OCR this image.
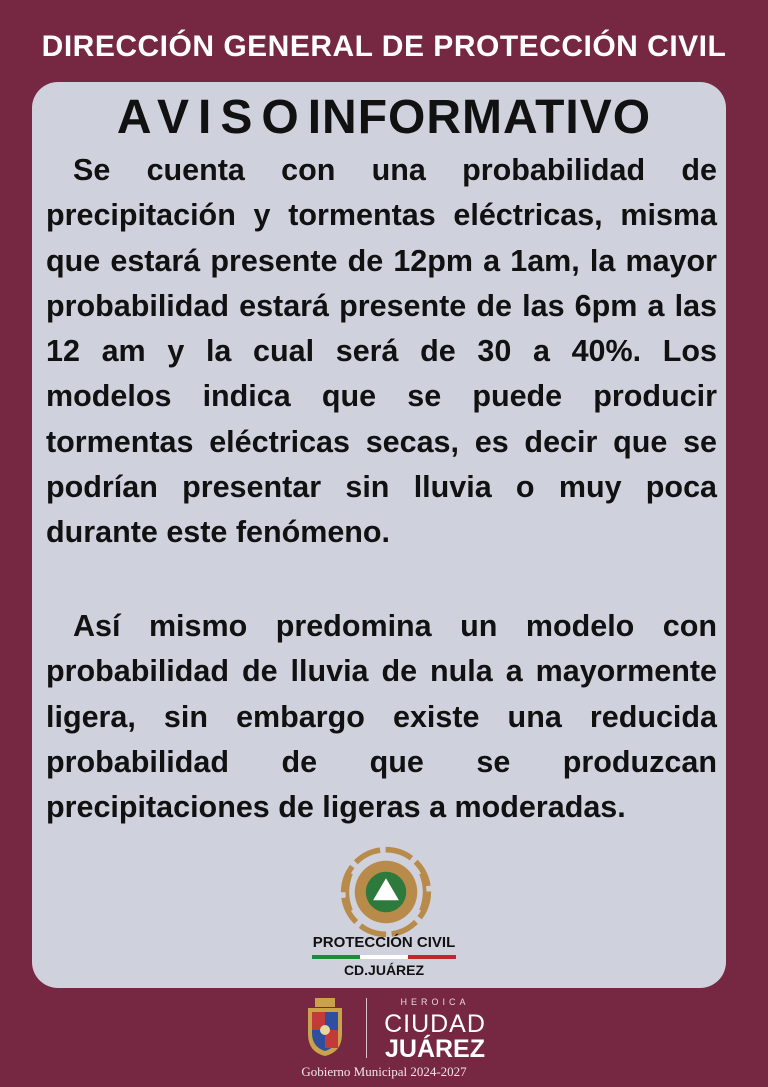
DIRECCIÓN GENERAL DE PROTECCIÓN CIVIL
AVISOINFORMATIVO

Se cuenta con una probabilidad de precipitación y tormentas eléctricas, misma que estará presente de 12pm a 1am, la mayor probabilidad estará presente de las 6pm a las 12 am y la cual será de 30 a 40%. Los modelos indica que se puede producir tormentas eléctricas secas, es decir que se podrían presentar sin lluvia o muy poca durante este fenómeno.

Así mismo predomina un modelo con probabilidad de lluvia de nula a mayormente ligera, sin embargo existe una reducida probabilidad de que se produzcan precipitaciones de ligeras a moderadas.

PROTECCIÓN CIVIL
CD.JUÁREZ
HEROICA
CIUDAD
JUÁREZ
Gobierno Municipal 2024-2027
